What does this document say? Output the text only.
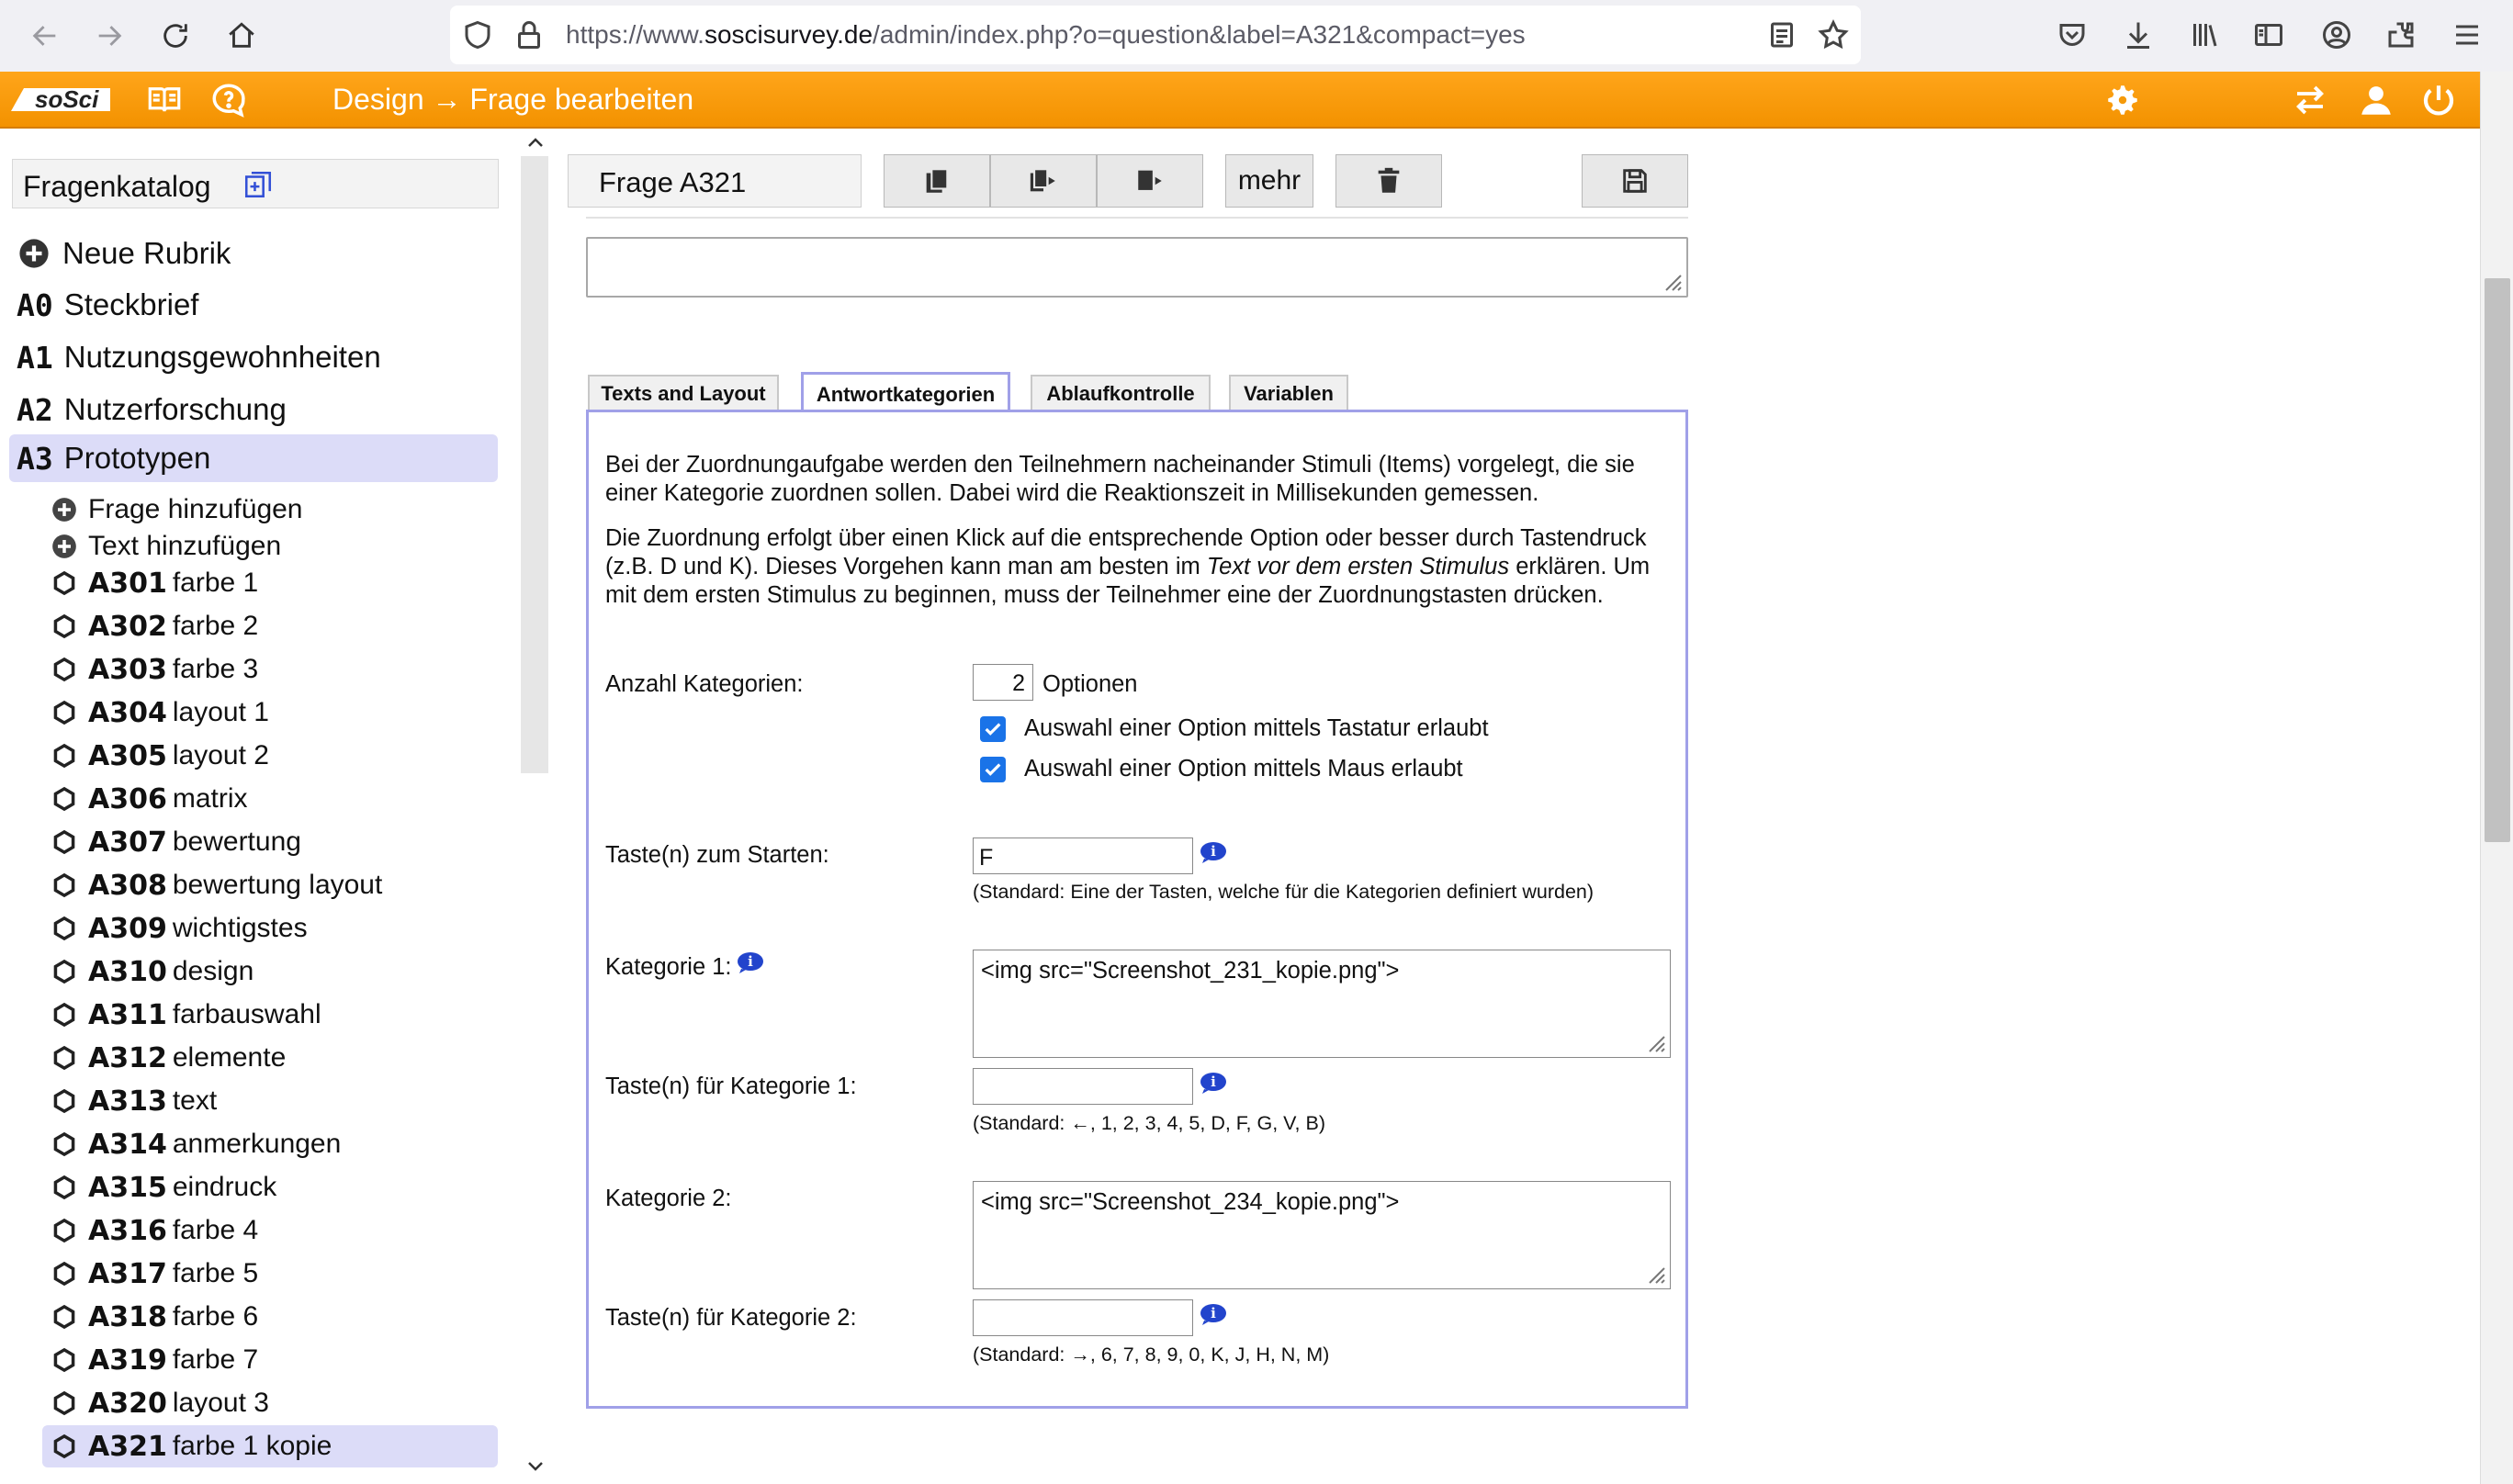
https://www.soscisurvey.de/admin/index.php?o=question&label=A321&compact=yes
soSci	Design → Frage bearbeiten
Fragenkatalog
Neue Rubrik
A0 Steckbrief
A1 Nutzungsgewohnheiten
A2 Nutzerforschung
A3 Prototypen
Frage hinzufügen
Text hinzufügen
A301 farbe 1
A302 farbe 2
A303 farbe 3
A304 layout 1
A305 layout 2
A306 matrix
A307 bewertung
A308 bewertung layout
A309 wichtigstes
A310 design
A311 farbauswahl
A312 elemente
A313 text
A314 anmerkungen
A315 eindruck
A316 farbe 4
A317 farbe 5
A318 farbe 6
A319 farbe 7
A320 layout 3
A321 farbe 1 kopie
Frage A321	mehr
Texts and Layout	Antwortkategorien	Ablaufkontrolle	Variablen
Bei der Zuordnungaufgabe werden den Teilnehmern nacheinander Stimuli (Items) vorgelegt, die sie einer Kategorie zuordnen sollen. Dabei wird die Reaktionszeit in Millisekunden gemessen.
Die Zuordnung erfolgt über einen Klick auf die entsprechende Option oder besser durch Tastendruck (z.B. D und K). Dieses Vorgehen kann man am besten im Text vor dem ersten Stimulus erklären. Um mit dem ersten Stimulus zu beginnen, muss der Teilnehmer eine der Zuordnungstasten drücken.
Anzahl Kategorien:	2 Optionen
Auswahl einer Option mittels Tastatur erlaubt
Auswahl einer Option mittels Maus erlaubt
Taste(n) zum Starten:	F	i
(Standard: Eine der Tasten, welche für die Kategorien definiert wurden)
Kategorie 1: i	<img src="Screenshot_231_kopie.png">
Taste(n) für Kategorie 1:	i
(Standard: ←, 1, 2, 3, 4, 5, D, F, G, V, B)
Kategorie 2:	<img src="Screenshot_234_kopie.png">
Taste(n) für Kategorie 2:	i
(Standard: →, 6, 7, 8, 9, 0, K, J, H, N, M)
